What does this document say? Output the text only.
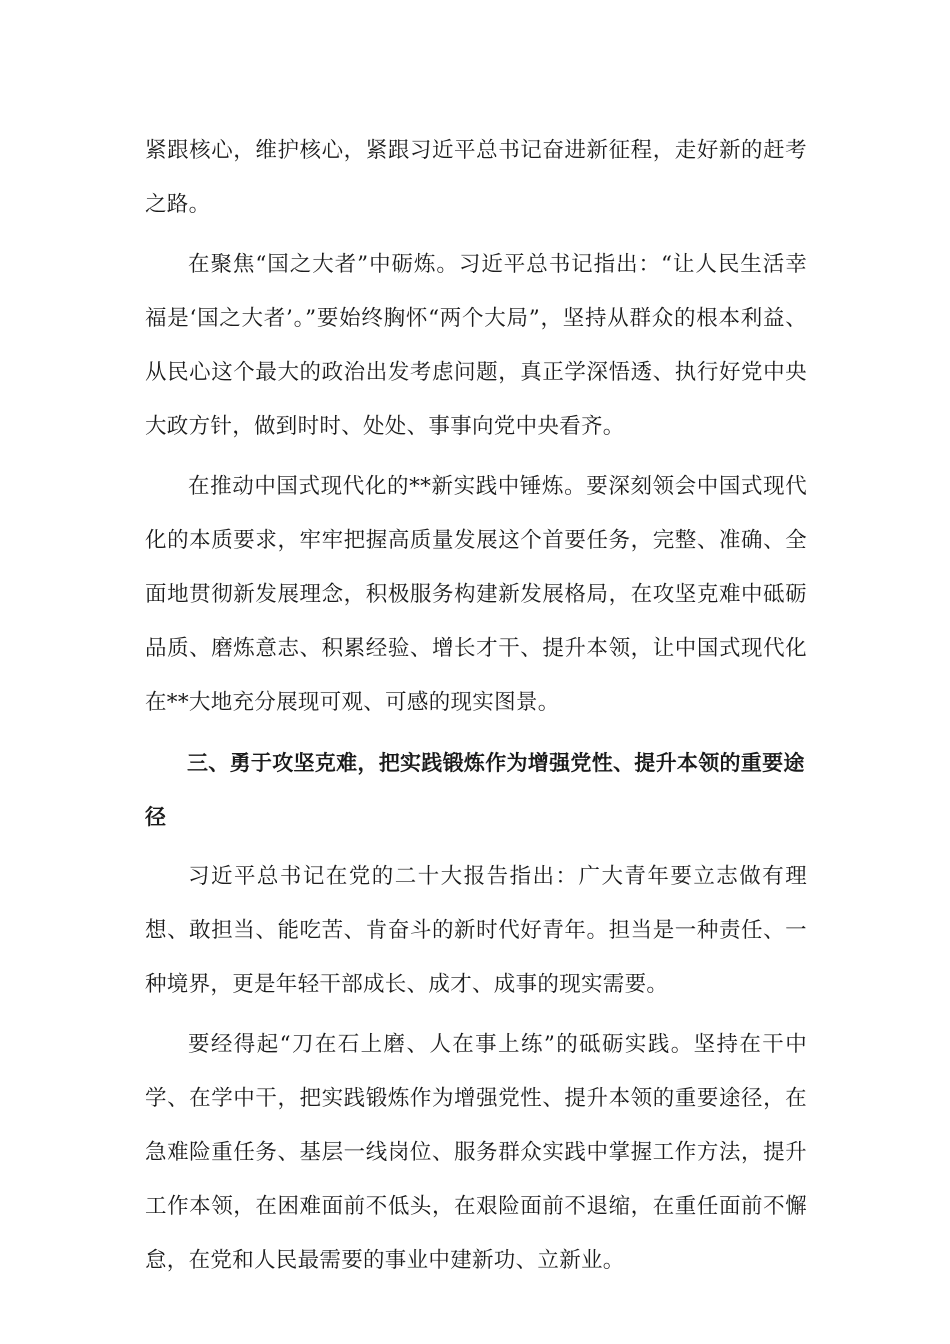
紧跟核心，维护核心，紧跟习近平总书记奋进新征程，走好新的赶考之路。

在聚焦“国之大者”中砺炼。习近平总书记指出：“让人民生活幸福是‘国之大者’。”要始终胸怀“两个大局”，坚持从群众的根本利益、从民心这个最大的政治出发考虑问题，真正学深悟透、执行好党中央大政方针，做到时时、处处、事事向党中央看齐。

在推动中国式现代化的**新实践中锤炼。要深刻领会中国式现代化的本质要求，牢牢把握高质量发展这个首要任务，完整、准确、全面地贯彻新发展理念，积极服务构建新发展格局，在攻坚克难中砥砺品质、磨炼意志、积累经验、增长才干、提升本领，让中国式现代化在**大地充分展现可观、可感的现实图景。

三、勇于攻坚克难，把实践锻炼作为增强党性、提升本领的重要途径

习近平总书记在党的二十大报告指出：广大青年要立志做有理想、敢担当、能吃苦、肯奋斗的新时代好青年。担当是一种责任、一种境界，更是年轻干部成长、成才、成事的现实需要。

要经得起“刀在石上磨、人在事上练”的砥砺实践。坚持在干中学、在学中干，把实践锻炼作为增强党性、提升本领的重要途径，在急难险重任务、基层一线岗位、服务群众实践中掌握工作方法，提升工作本领，在困难面前不低头，在艰险面前不退缩，在重任面前不懈怠，在党和人民最需要的事业中建新功、立新业。
